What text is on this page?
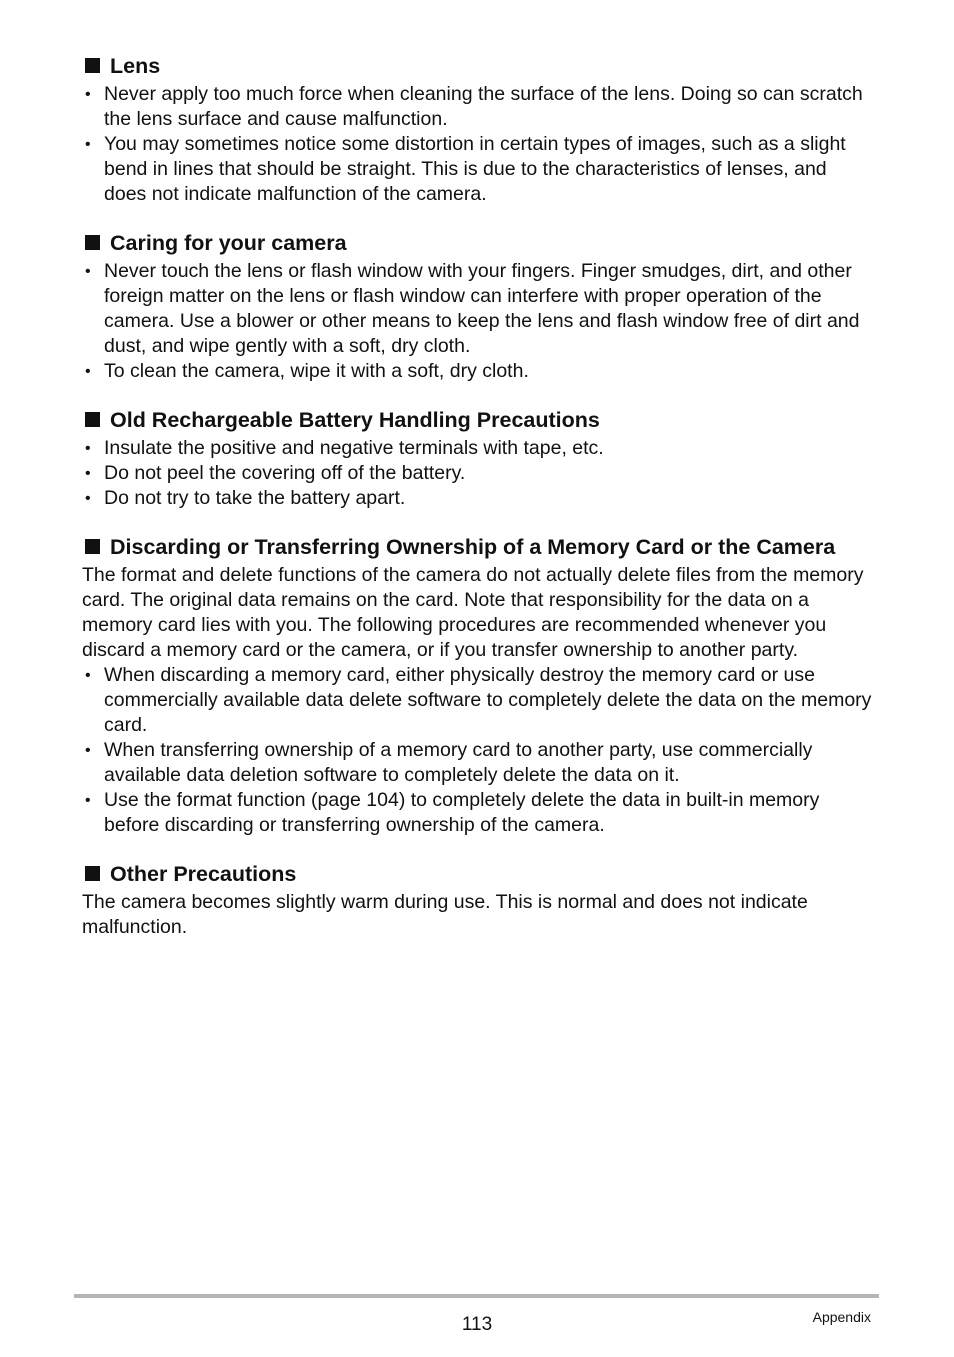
Lens
• Never apply too much force when cleaning the surface of the lens. Doing so can scratch the lens surface and cause malfunction.
• You may sometimes notice some distortion in certain types of images, such as a slight bend in lines that should be straight. This is due to the characteristics of lenses, and does not indicate malfunction of the camera.
Caring for your camera
• Never touch the lens or flash window with your fingers. Finger smudges, dirt, and other foreign matter on the lens or flash window can interfere with proper operation of the camera. Use a blower or other means to keep the lens and flash window free of dirt and dust, and wipe gently with a soft, dry cloth.
• To clean the camera, wipe it with a soft, dry cloth.
Old Rechargeable Battery Handling Precautions
• Insulate the positive and negative terminals with tape, etc.
• Do not peel the covering off of the battery.
• Do not try to take the battery apart.
Discarding or Transferring Ownership of a Memory Card or the Camera

The format and delete functions of the camera do not actually delete files from the memory card. The original data remains on the card. Note that responsibility for the data on a memory card lies with you. The following procedures are recommended whenever you discard a memory card or the camera, or if you transfer ownership to another party.

• When discarding a memory card, either physically destroy the memory card or use commercially available data delete software to completely delete the data on the memory card.
• When transferring ownership of a memory card to another party, use commercially available data deletion software to completely delete the data on it.
• Use the format function (page 104) to completely delete the data in built-in memory before discarding or transferring ownership of the camera.
Other Precautions

The camera becomes slightly warm during use. This is normal and does not indicate malfunction.

113	Appendix
